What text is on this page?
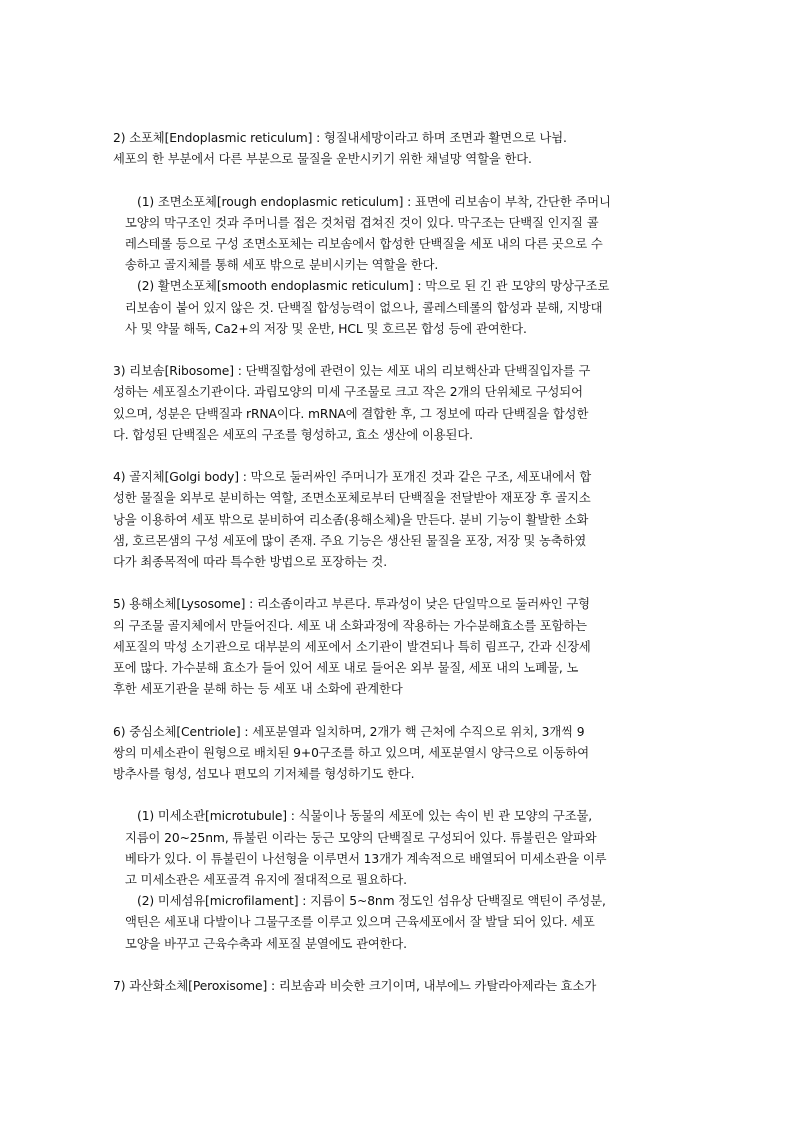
2) 소포체[Endoplasmic reticulum] : 형질내세망이라고 하며 조면과 활면으로 나뉨.
세포의 한 부분에서 다른 부분으로 물질을 운반시키기 위한 채널망 역할을 한다.
(1) 조면소포체[rough endoplasmic reticulum] : 표면에 리보솜이 부착, 간단한 주머니
모양의 막구조인 것과 주머니를 접은 것처럼 겹쳐진 것이 있다. 막구조는 단백질 인지질 콜
레스테롤 등으로 구성 조면소포체는 리보솜에서 합성한 단백질을 세포 내의 다른 곳으로 수
송하고 골지체를 통해 세포 밖으로 분비시키는 역할을 한다.
(2) 활면소포체[smooth endoplasmic reticulum] : 막으로 된 긴 관 모양의 망상구조로
리보솜이 붙어 있지 않은 것. 단백질 합성능력이 없으나, 콜레스테롤의 합성과 분해, 지방대
사 및 약물 해독, Ca2+의 저장 및 운반, HCL 및 호르몬 합성 등에 관여한다.
3) 리보솜[Ribosome] : 단백질합성에 관련이 있는 세포 내의 리보핵산과 단백질입자를 구
성하는 세포질소기관이다. 과립모양의 미세 구조물로 크고 작은 2개의 단위체로 구성되어
있으며, 성분은 단백질과 rRNA이다. mRNA에 결합한 후, 그 정보에 따라 단백질을 합성한
다. 합성된 단백질은 세포의 구조를 형성하고, 효소 생산에 이용된다.
4) 골지체[Golgi body] : 막으로 둘러싸인 주머니가 포개진 것과 같은 구조, 세포내에서 합
성한 물질을 외부로 분비하는 역할, 조면소포체로부터 단백질을 전달받아 재포장 후 골지소
낭을 이용하여 세포 밖으로 분비하여 리소좀(용해소체)을 만든다. 분비 기능이 활발한 소화
샘, 호르몬샘의 구성 세포에 많이 존재. 주요 기능은 생산된 물질을 포장, 저장 및 농축하였
다가 최종목적에 따라 특수한 방법으로 포장하는 것.
5) 용해소체[Lysosome] : 리소좀이라고 부른다. 투과성이 낮은 단일막으로 둘러싸인 구형
의 구조물 골지체에서 만들어진다. 세포 내 소화과정에 작용하는 가수분해효소를 포함하는
세포질의 막성 소기관으로 대부분의 세포에서 소기관이 발견되나 특히 림프구, 간과 신장세
포에 많다. 가수분해 효소가 들어 있어 세포 내로 들어온 외부 물질, 세포 내의 노폐물, 노
후한 세포기관을 분해 하는 등 세포 내 소화에 관계한다
6) 중심소체[Centriole] : 세포분열과 일치하며, 2개가 핵 근처에 수직으로 위치, 3개씩 9
쌍의 미세소관이 원형으로 배치된 9+0구조를 하고 있으며, 세포분열시 양극으로 이동하여
방추사를 형성, 섬모나 편모의 기저체를 형성하기도 한다.
(1) 미세소관[microtubule] : 식물이나 동물의 세포에 있는 속이 빈 관 모양의 구조물,
지름이 20~25nm, 튜불린 이라는 둥근 모양의 단백질로 구성되어 있다. 튜불린은 알파와
베타가 있다. 이 튜불린이 나선형을 이루면서 13개가 계속적으로 배열되어 미세소관을 이루
고 미세소관은 세포골격 유지에 절대적으로 필요하다.
(2) 미세섬유[microfilament] : 지름이 5~8nm 정도인 섬유상 단백질로 액틴이 주성분,
액틴은 세포내 다발이나 그물구조를 이루고 있으며 근육세포에서 잘 발달 되어 있다. 세포
모양을 바꾸고 근육수축과 세포질 분열에도 관여한다.
7) 과산화소체[Peroxisome] : 리보솜과 비슷한 크기이며, 내부에느 카탈라아제라는 효소가
